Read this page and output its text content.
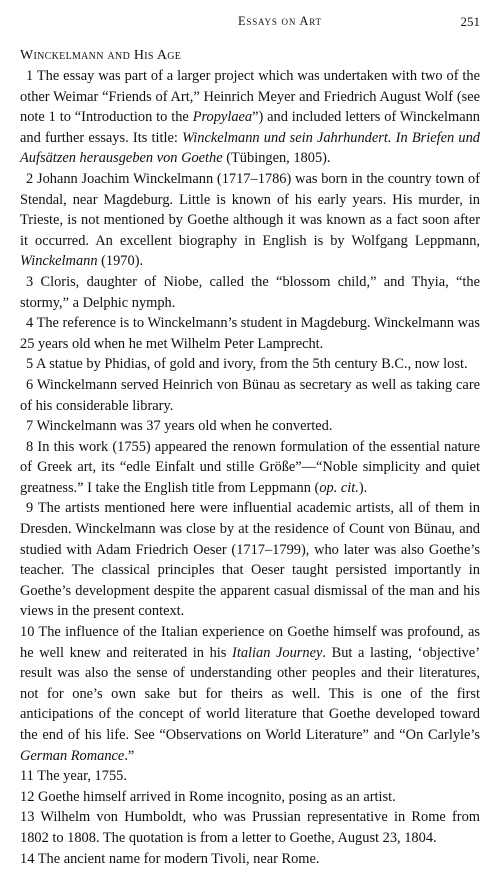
Essays on Art	251
Winckelmann and His Age

1 The essay was part of a larger project which was undertaken with two of the other Weimar “Friends of Art,” Heinrich Meyer and Friedrich August Wolf (see note 1 to “Introduction to the Propylaea”) and included letters of Winckelmann and further essays. Its title: Winckelmann und sein Jahrhundert. In Briefen und Aufsätzen herausgeben von Goethe (Tübingen, 1805).

2 Johann Joachim Winckelmann (1717–1786) was born in the country town of Stendal, near Magdeburg. Little is known of his early years. His murder, in Trieste, is not mentioned by Goethe although it was known as a fact soon after it occurred. An excellent biography in English is by Wolfgang Leppmann, Winckelmann (1970).

3 Cloris, daughter of Niobe, called the “blossom child,” and Thyia, “the stormy,” a Delphic nymph.

4 The reference is to Winckelmann’s student in Magdeburg. Winckelmann was 25 years old when he met Wilhelm Peter Lamprecht.

5 A statue by Phidias, of gold and ivory, from the 5th century B.C., now lost.

6 Winckelmann served Heinrich von Bünau as secretary as well as taking care of his considerable library.

7 Winckelmann was 37 years old when he converted.

8 In this work (1755) appeared the renown formulation of the essential nature of Greek art, its “edle Einfalt und stille Größe”—“Noble simplicity and quiet greatness.” I take the English title from Leppmann (op. cit.).

9 The artists mentioned here were influential academic artists, all of them in Dresden. Winckelmann was close by at the residence of Count von Bünau, and studied with Adam Friedrich Oeser (1717–1799), who later was also Goethe’s teacher. The classical principles that Oeser taught persisted importantly in Goethe’s development despite the apparent casual dismissal of the man and his views in the present context.

10 The influence of the Italian experience on Goethe himself was profound, as he well knew and reiterated in his Italian Journey. But a lasting, ‘objective’ result was also the sense of understanding other peoples and their literatures, not for one’s own sake but for theirs as well. This is one of the first anticipations of the concept of world literature that Goethe developed toward the end of his life. See “Observations on World Literature” and “On Carlyle’s German Romance.”

11 The year, 1755.

12 Goethe himself arrived in Rome incognito, posing as an artist.

13 Wilhelm von Humboldt, who was Prussian representative in Rome from 1802 to 1808. The quotation is from a letter to Goethe, August 23, 1804.

14 The ancient name for modern Tivoli, near Rome.
